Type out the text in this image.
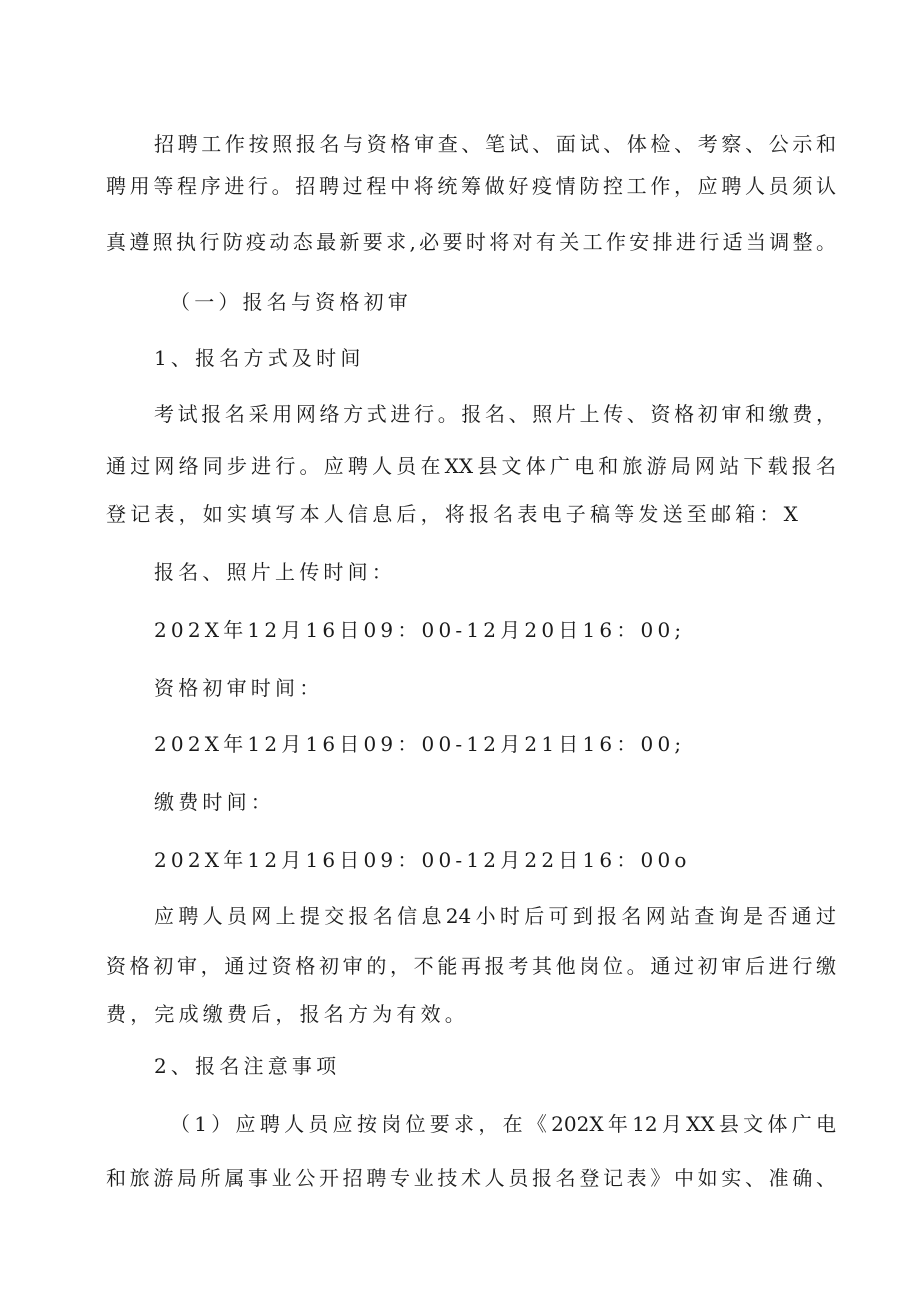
招聘工作按照报名与资格审查、笔试、面试、体检、考察、公示和
聘用等程序进行。招聘过程中将统筹做好疫情防控工作，应聘人员须认
真遵照执行防疫动态最新要求,必要时将对有关工作安排进行适当调整。
（一）报名与资格初审
1、报名方式及时间
考试报名采用网络方式进行。报名、照片上传、资格初审和缴费，
通过网络同步进行。应聘人员在XX县文体广电和旅游局网站下载报名
登记表，如实填写本人信息后，将报名表电子稿等发送至邮箱：X
报名、照片上传时间：
202X年12月16日09：00-12月20日16：00;
资格初审时间：
202X年12月16日09：00-12月21日16：00;
缴费时间：
202X年12月16日09：00-12月22日16：00o
应聘人员网上提交报名信息24小时后可到报名网站查询是否通过
资格初审，通过资格初审的，不能再报考其他岗位。通过初审后进行缴
费，完成缴费后，报名方为有效。
2、报名注意事项
（1）应聘人员应按岗位要求，在《202X年12月XX县文体广电
和旅游局所属事业公开招聘专业技术人员报名登记表》中如实、准确、
